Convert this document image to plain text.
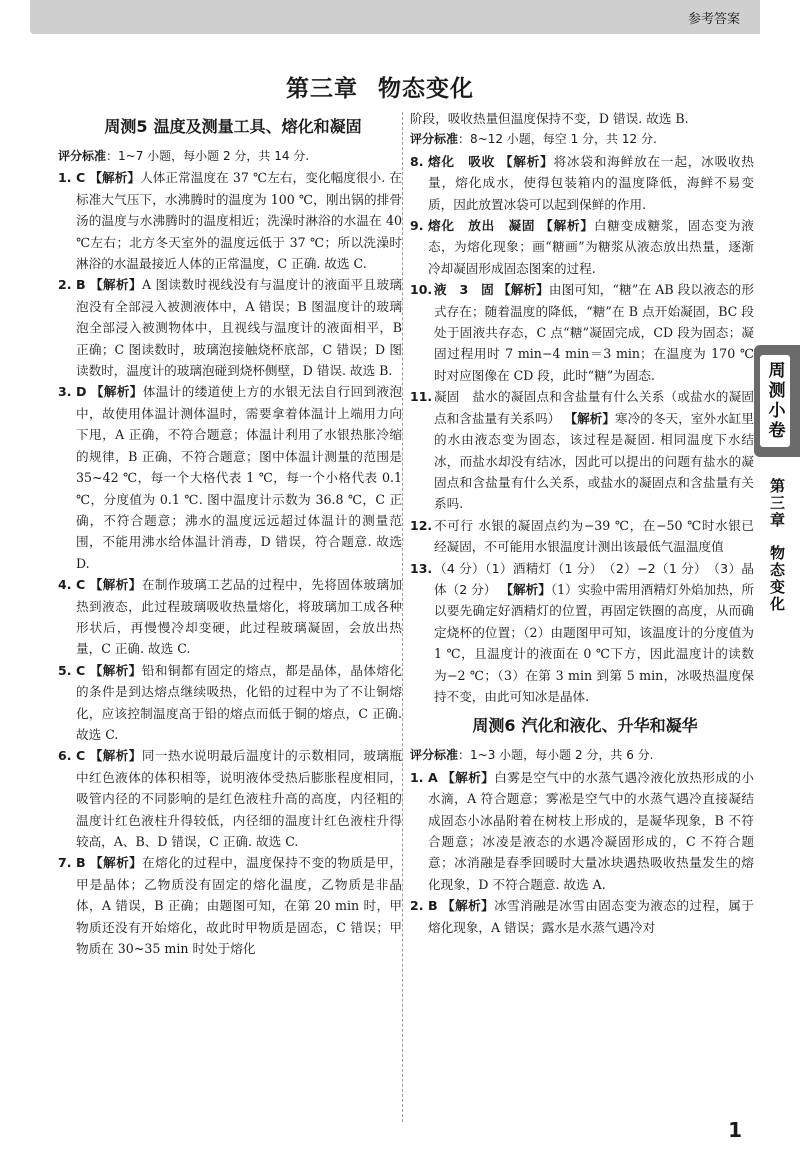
参考答案
第三章 物态变化
周测5 温度及测量工具、熔化和凝固

评分标准：1~7 小题，每小题 2 分，共 14 分.

1. C 【解析】人体正常温度在 37 ℃左右，变化幅度很小. 在标准大气压下，水沸腾时的温度为 100 ℃，刚出锅的排骨汤的温度与水沸腾时的温度相近；洗澡时淋浴的水温在 40 ℃左右；北方冬天室外的温度远低于 37 ℃；所以洗澡时淋浴的水温最接近人体的正常温度，C 正确. 故选 C.

2. B 【解析】A 图读数时视线没有与温度计的液面平且玻璃泡没有全部浸入被测液体中，A 错误；B 图温度计的玻璃泡全部浸入被测物体中，且视线与温度计的液面相平，B 正确；C 图读数时，玻璃泡接触烧杯底部，C 错误；D 图读数时，温度计的玻璃泡碰到烧杯侧壁，D 错误. 故选 B.

3. D 【解析】体温计的缕道使上方的水银无法自行回到液泡中，故使用体温计测体温时，需要拿着体温计上端用力向下甩，A 正确，不符合题意；体温计利用了水银热胀冷缩的规律，B 正确，不符合题意；图中体温计测量的范围是 35~42 ℃，每一个大格代表 1 ℃，每一个小格代表 0.1 ℃，分度值为 0.1 ℃. 图中温度计示数为 36.8 ℃，C 正确，不符合题意；沸水的温度远远超过体温计的测量范围，不能用沸水给体温计消毒，D 错误，符合题意. 故选 D.

4. C 【解析】在制作玻璃工艺品的过程中，先将固体玻璃加热到液态，此过程玻璃吸收热量熔化，将玻璃加工成各种形状后，再慢慢冷却变硬，此过程玻璃凝固，会放出热量，C 正确. 故选 C.

5. C 【解析】铅和铜都有固定的熔点，都是晶体，晶体熔化的条件是到达熔点继续吸热，化铅的过程中为了不让铜熔化，应该控制温度高于铅的熔点而低于铜的熔点，C 正确. 故选 C.

6. C 【解析】同一热水说明最后温度计的示数相同，玻璃瓶中红色液体的体积相等，说明液体受热后膨胀程度相同，吸管内径的不同影响的是红色液柱升高的高度，内径粗的温度计红色液柱升得较低，内径细的温度计红色液柱升得较高，A、B、D 错误，C 正确. 故选 C.

7. B 【解析】在熔化的过程中，温度保持不变的物质是甲，甲是晶体；乙物质没有固定的熔化温度，乙物质是非晶体，A 错误，B 正确；由题图可知，在第 20 min 时，甲物质还没有开始熔化，故此时甲物质是固态，C 错误；甲物质在 30~35 min 时处于熔化

阶段，吸收热量但温度保持不变，D 错误. 故选 B.

评分标准：8~12 小题，每空 1 分，共 12 分.

8. 熔化　吸收 【解析】将冰袋和海鲜放在一起，冰吸收热量，熔化成水，使得包装箱内的温度降低，海鲜不易变质，因此放置冰袋可以起到保鲜的作用.

9. 熔化　放出　凝固 【解析】白糖变成糖浆，固态变为液态，为熔化现象；画“糖画”为糖浆从液态放出热量，逐渐冷却凝固形成固态图案的过程.

10. 液　3　固 【解析】由图可知，“糖”在 AB 段以液态的形式存在；随着温度的降低，“糖”在 B 点开始凝固，BC 段处于固液共存态，C 点“糖”凝固完成，CD 段为固态；凝固过程用时 7 min−4 min＝3 min；在温度为 170 ℃时对应图像在 CD 段，此时“糖”为固态.

11. 凝固　盐水的凝固点和含盐量有什么关系（或盐水的凝固点和含盐量有关系吗） 【解析】寒冷的冬天，室外水缸里的水由液态变为固态，该过程是凝固. 相同温度下水结冰，而盐水却没有结冰，因此可以提出的问题有盐水的凝固点和含盐量有什么关系，或盐水的凝固点和含盐量有关系吗.

12. 不可行 水银的凝固点约为−39 ℃，在−50 ℃时水银已经凝固，不可能用水银温度计测出该最低气温温度值

13. （4 分）（1）酒精灯（1 分）　（2）−2（1 分）　（3）晶体（2 分） 【解析】（1）实验中需用酒精灯外焰加热，所以要先确定好酒精灯的位置，再固定铁圈的高度，从而确定烧杯的位置；（2）由题图甲可知，该温度计的分度值为 1 ℃，且温度计的液面在 0 ℃下方，因此温度计的读数为−2 ℃；（3）在第 3 min 到第 5 min，冰吸热温度保持不变，由此可知冰是晶体.

周测6 汽化和液化、升华和凝华

评分标准：1~3 小题，每小题 2 分，共 6 分.

1. A 【解析】白雾是空气中的水蒸气遇冷液化放热形成的小水滴，A 符合题意；雾凇是空气中的水蒸气遇冷直接凝结成固态小冰晶附着在树枝上形成的，是凝华现象，B 不符合题意；冰凌是液态的水遇冷凝固形成的，C 不符合题意；冰消融是春季回暖时大量冰块遇热吸收热量发生的熔化现象，D 不符合题意. 故选 A.

2. B 【解析】冰雪消融是冰雪由固态变为液态的过程，属于熔化现象，A 错误；露水是水蒸气遇冷对

周测小卷
第三章
物态变化
1
